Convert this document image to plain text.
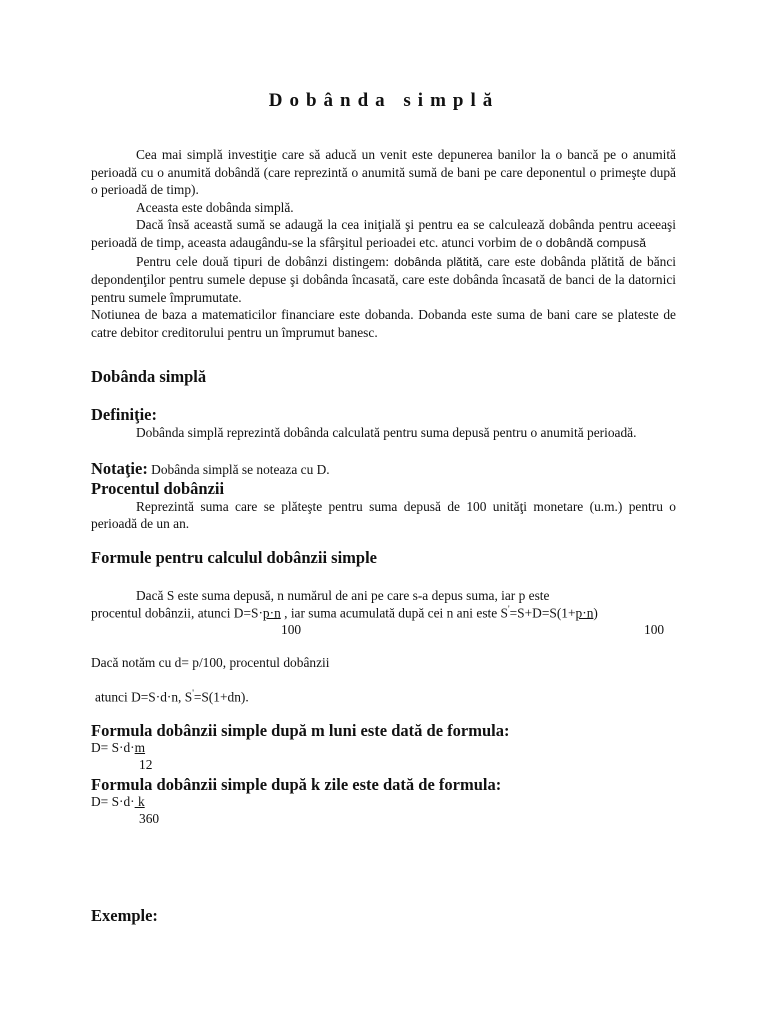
Dobânda simplă

Cea mai simplă investiţie care să aducă un venit este depunerea banilor la o bancă pe o anumită perioadă cu o anumită dobândă (care reprezintă o anumită sumă de bani pe care deponentul o primeşte după o perioadă de timp).

Aceasta este dobânda simplă.

Dacă însă această sumă se adaugă la cea iniţială şi pentru ea se calculează dobânda pentru aceeaşi perioadă de timp, aceasta adaugându-se la sfârşitul perioadei etc. atunci vorbim de o dobândă compusă

Pentru cele două tipuri de dobânzi distingem: dobânda plătită, care este dobânda plătită de bănci depondenţilor pentru sumele depuse şi dobânda încasată, care este dobânda încasată de banci de la datornici pentru sumele împrumutate.

Notiunea de baza a matematicilor financiare este dobanda. Dobanda este suma de bani care se plateste de catre debitor creditorului pentru un împrumut banesc.

Dobânda simplă
Definiţie:
Dobânda simplă reprezintă dobânda calculată pentru suma depusă pentru o anumită perioadă.
Notaţie: Dobânda simplă se noteaza cu D.
Procentul dobânzii
Reprezintă suma care se plăteşte pentru suma depusă de 100 unităţi monetare (u.m.) pentru o perioadă de un an.
Formule pentru calculul dobânzii simple
Dacă S este suma depusă, n numărul de ani pe care s-a depus suma, iar p este
procentul dobânzii, atunci D=S·p·n , iar suma acumulată după cei n ani este S'=S+D=S(1+p·n)
100	100
Dacă notăm cu d= p/100, procentul dobânzii
atunci D=S·d·n, S'=S(1+dn).
Formula dobânzii simple după m luni este dată de formula:
D= S·d·m
12
Formula dobânzii simple după k zile este dată de formula:
D= S·d· k
360
Exemple:
